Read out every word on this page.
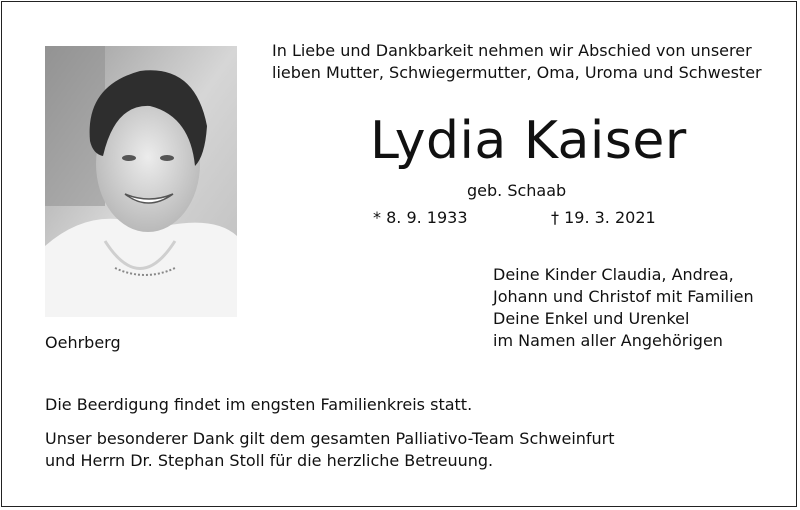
In Liebe und Dankbarkeit nehmen wir Abschied von unserer
lieben Mutter, Schwiegermutter, Oma, Uroma und Schwester
Lydia Kaiser
geb. Schaab
* 8. 9. 1933	† 19. 3. 2021
Deine Kinder Claudia, Andrea,
Johann und Christof mit Familien
Deine Enkel und Urenkel
im Namen aller Angehörigen
Oehrberg
Die Beerdigung findet im engsten Familienkreis statt.
Unser besonderer Dank gilt dem gesamten Palliativo-Team Schweinfurt
und Herrn Dr. Stephan Stoll für die herzliche Betreuung.
